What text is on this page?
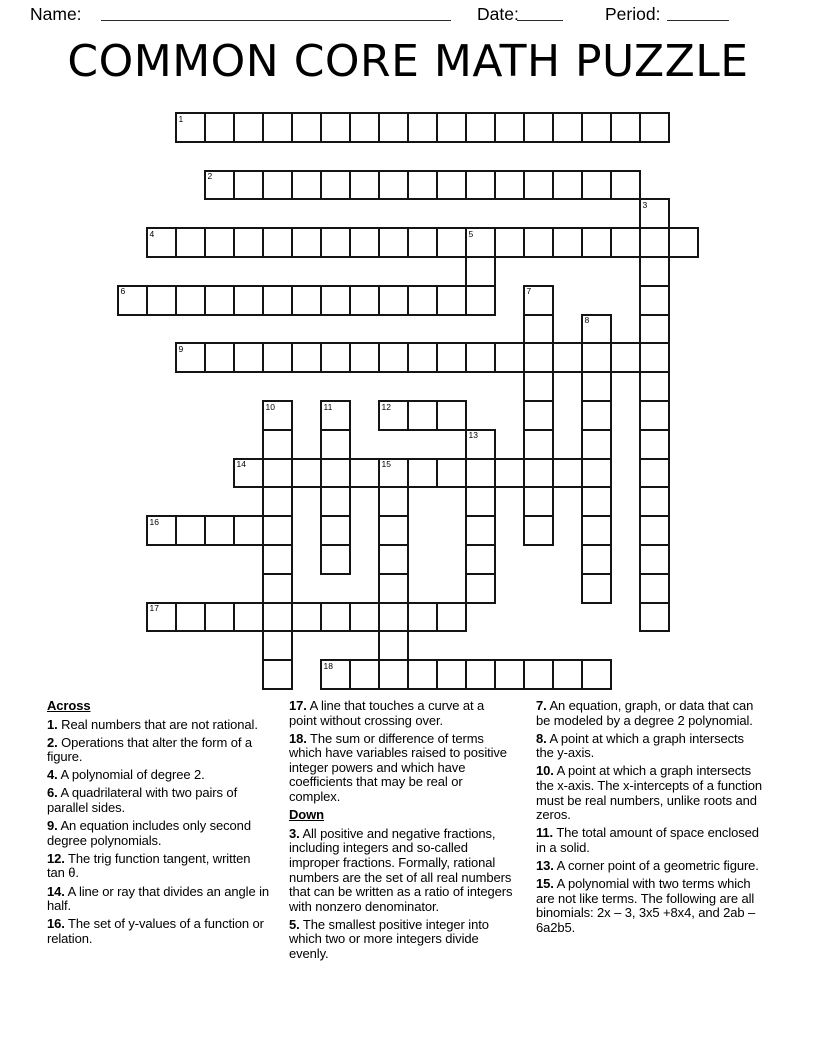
Name:	Date:	Period:
COMMON CORE MATH PUZZLE
1
2
3
4	5
6	7
8
9
10	11	12
13
14	15
16
17
18

Across

1. Real numbers that are not rational.

2. Operations that alter the form of a figure.

4. A polynomial of degree 2.

6. A quadrilateral with two pairs of parallel sides.

9. An equation includes only second degree polynomials.

12. The trig function tangent, written tan θ.

14. A line or ray that divides an angle in half.

16. The set of y-values of a function or relation.

17. A line that touches a curve at a point without crossing over.

18. The sum or difference of terms which have variables raised to positive integer powers and which have coefficients that may be real or complex.

Down

3. All positive and negative fractions, including integers and so-called improper fractions. Formally, rational numbers are the set of all real numbers that can be written as a ratio of integers with nonzero denominator.

5. The smallest positive integer into which two or more integers divide evenly.

7. An equation, graph, or data that can be modeled by a degree 2 polynomial.

8. A point at which a graph intersects the y-axis.

10. A point at which a graph intersects the x-axis. The x-intercepts of a function must be real numbers, unlike roots and zeros.

11. The total amount of space enclosed in a solid.

13. A corner point of a geometric figure.

15. A polynomial with two terms which are not like terms. The following are all binomials: 2x – 3, 3x5 +8x4, and 2ab – 6a2b5.
